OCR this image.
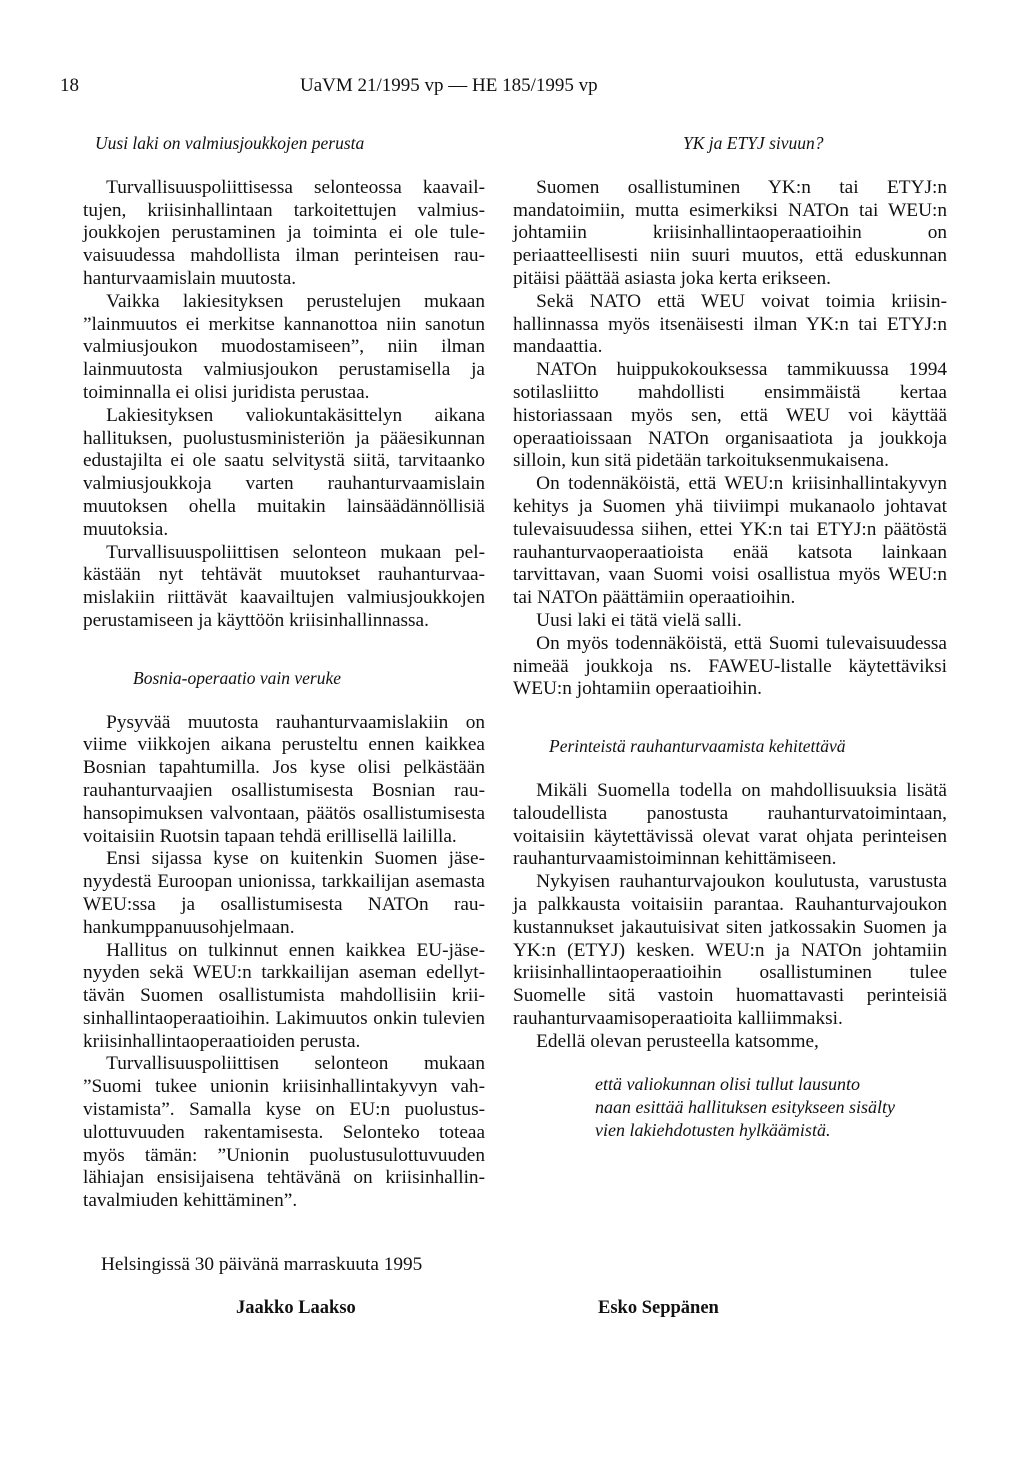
18	UaVM 21/1995 vp — HE 185/1995 vp
Uusi laki on valmiusjoukkojen perusta

Turvallisuuspoliittisessa selonteossa kaavailtujen, kriisinhallintaan tarkoitettujen valmiusjoukkojen perustaminen ja toiminta ei ole tulevaisuudessa mahdollista ilman perinteisen rauhanturvaamislain muutosta.

Vaikka lakiesityksen perustelujen mukaan ”lainmuutos ei merkitse kannanottoa niin sanotun valmiusjoukon muodostamiseen”, niin ilman lainmuutosta valmiusjoukon perustamisella ja toiminnalla ei olisi juridista perustaa.

Lakiesityksen valiokuntakäsittelyn aikana hallituksen, puolustusministeriön ja pääesikunnan edustajilta ei ole saatu selvitystä siitä, tarvitaanko valmiusjoukkoja varten rauhanturvaamislain muutoksen ohella muitakin lainsäädännöllisiä muutoksia.

Turvallisuuspoliittisen selonteon mukaan pelkästään nyt tehtävät muutokset rauhanturvaamislakiin riittävät kaavailtujen valmiusjoukkojen perustamiseen ja käyttöön kriisinhallinnassa.

Bosnia-operaatio vain veruke

Pysyvää muutosta rauhanturvaamislakiin on viime viikkojen aikana perusteltu ennen kaikkea Bosnian tapahtumilla. Jos kyse olisi pelkästään rauhanturvaajien osallistumisesta Bosnian rauhansopimuksen valvontaan, päätös osallistumisesta voitaisiin Ruotsin tapaan tehdä erillisellä laililla.

Ensi sijassa kyse on kuitenkin Suomen jäsenyydestä Euroopan unionissa, tarkkailijan asemasta WEU:ssa ja osallistumisesta NATOn rauhankumppanuusohjelmaan.

Hallitus on tulkinnut ennen kaikkea EU-jäsenyyden sekä WEU:n tarkkailijan aseman edellyttävän Suomen osallistumista mahdollisiin kriisinhallintaoperaatioihin. Lakimuutos onkin tulevien kriisinhallintaoperaatioiden perusta.

Turvallisuuspoliittisen selonteon mukaan ”Suomi tukee unionin kriisinhallintakyvyn vahvistamista”. Samalla kyse on EU:n puolustusulottuvuuden rakentamisesta. Selonteko toteaa myös tämän: ”Unionin puolustusulottuvuuden lähiajan ensisijaisena tehtävänä on kriisinhallintavalmiuden kehittäminen”.

YK ja ETYJ sivuun?

Suomen osallistuminen YK:n tai ETYJ:n mandatoimiin, mutta esimerkiksi NATOn tai WEU:n johtamiin kriisinhallintaoperaatioihin on periaatteellisesti niin suuri muutos, että eduskunnan pitäisi päättää asiasta joka kerta erikseen.

Sekä NATO että WEU voivat toimia kriisinhallinnassa myös itsenäisesti ilman YK:n tai ETYJ:n mandaattia.

NATOn huippukokouksessa tammikuussa 1994 sotilasliitto mahdollisti ensimmäistä kertaa historiassaan myös sen, että WEU voi käyttää operaatioissaan NATOn organisaatiota ja joukkoja silloin, kun sitä pidetään tarkoituksenmukaisena.

On todennäköistä, että WEU:n kriisinhallintakyvyn kehitys ja Suomen yhä tiiviimpi mukanaolo johtavat tulevaisuudessa siihen, ettei YK:n tai ETYJ:n päätöstä rauhanturvaoperaatioista enää katsota lainkaan tarvittavan, vaan Suomi voisi osallistua myös WEU:n tai NATOn päättämiin operaatioihin.

Uusi laki ei tätä vielä salli.

On myös todennäköistä, että Suomi tulevaisuudessa nimeää joukkoja ns. FAWEU-listalle käytettäviksi WEU:n johtamiin operaatioihin.

Perinteistä rauhanturvaamista kehitettävä

Mikäli Suomella todella on mahdollisuuksia lisätä taloudellista panostusta rauhanturvatoimintaan, voitaisiin käytettävissä olevat varat ohjata perinteisen rauhanturvaamistoiminnan kehittämiseen.

Nykyisen rauhanturvajoukon koulutusta, varustusta ja palkkausta voitaisiin parantaa. Rauhanturvajoukon kustannukset jakautuisivat siten jatkossakin Suomen ja YK:n (ETYJ) kesken. WEU:n ja NATOn johtamiin kriisinhallintaoperaatioihin osallistuminen tulee Suomelle sitä vastoin huomattavasti perinteisiä rauhanturvaamisoperaatioita kalliimmaksi.

Edellä olevan perusteella katsomme,

että valiokunnan olisi tullut lausunto
naan esittää hallituksen esitykseen sisälty
vien lakiehdotusten hylkäämistä.
Helsingissä 30 päivänä marraskuuta 1995
Jaakko Laakso	Esko Seppänen
